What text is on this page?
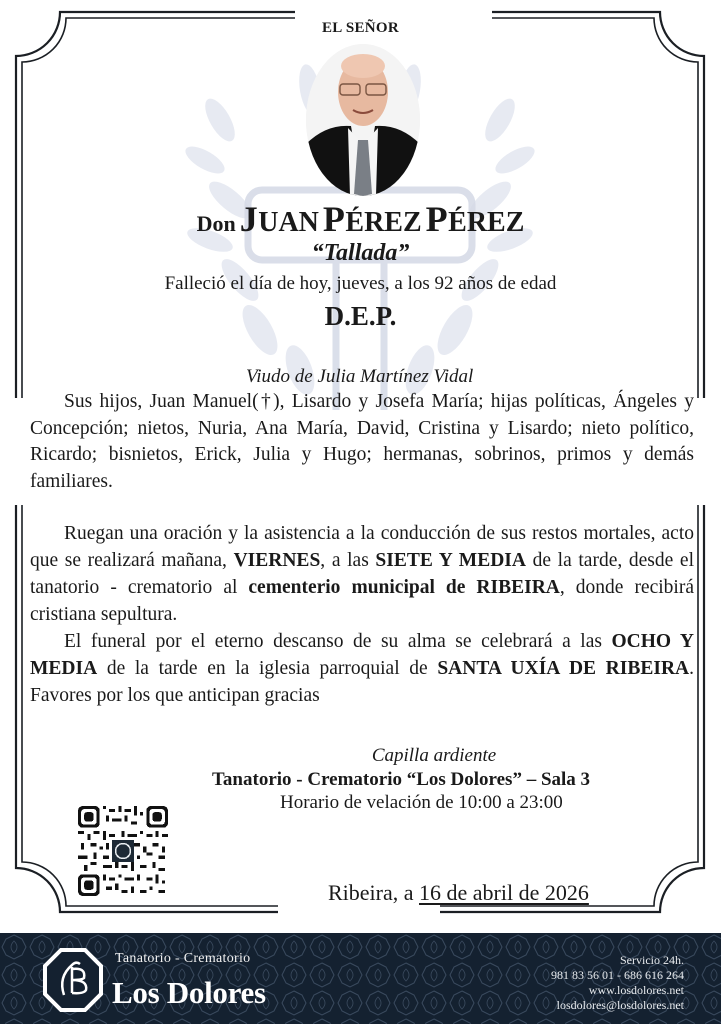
EL SEÑOR
Don JUAN PÉREZ PÉREZ
“Tallada”
Falleció el día de hoy, jueves, a los 92 años de edad
D.E.P.
Viudo de Julia Martínez Vidal
Sus hijos, Juan Manuel(†), Lisardo y Josefa María; hijas políticas, Ángeles y Concepción; nietos, Nuria, Ana María, David, Cristina y Lisardo; nieto político, Ricardo; bisnietos, Erick, Julia y Hugo; hermanas, sobrinos, primos y demás familiares.
Ruegan una oración y la asistencia a la conducción de sus restos mortales, acto que se realizará mañana, VIERNES, a las SIETE Y MEDIA de la tarde, desde el tanatorio - crematorio al cementerio municipal de RIBEIRA, donde recibirá cristiana sepultura.
El funeral por el eterno descanso de su alma se celebrará a las OCHO Y MEDIA de la tarde en la iglesia parroquial de SANTA UXÍA DE RIBEIRA. Favores por los que anticipan gracias
Capilla ardiente
Tanatorio - Crematorio “Los Dolores” – Sala 3
Horario de velación de 10:00 a 23:00
Ribeira, a 16 de abril de 2026
Tanatorio - Crematorio
Los Dolores
Servicio 24h.
981 83 56 01 - 686 616 264
www.losdolores.net
losdolores@losdolores.net
